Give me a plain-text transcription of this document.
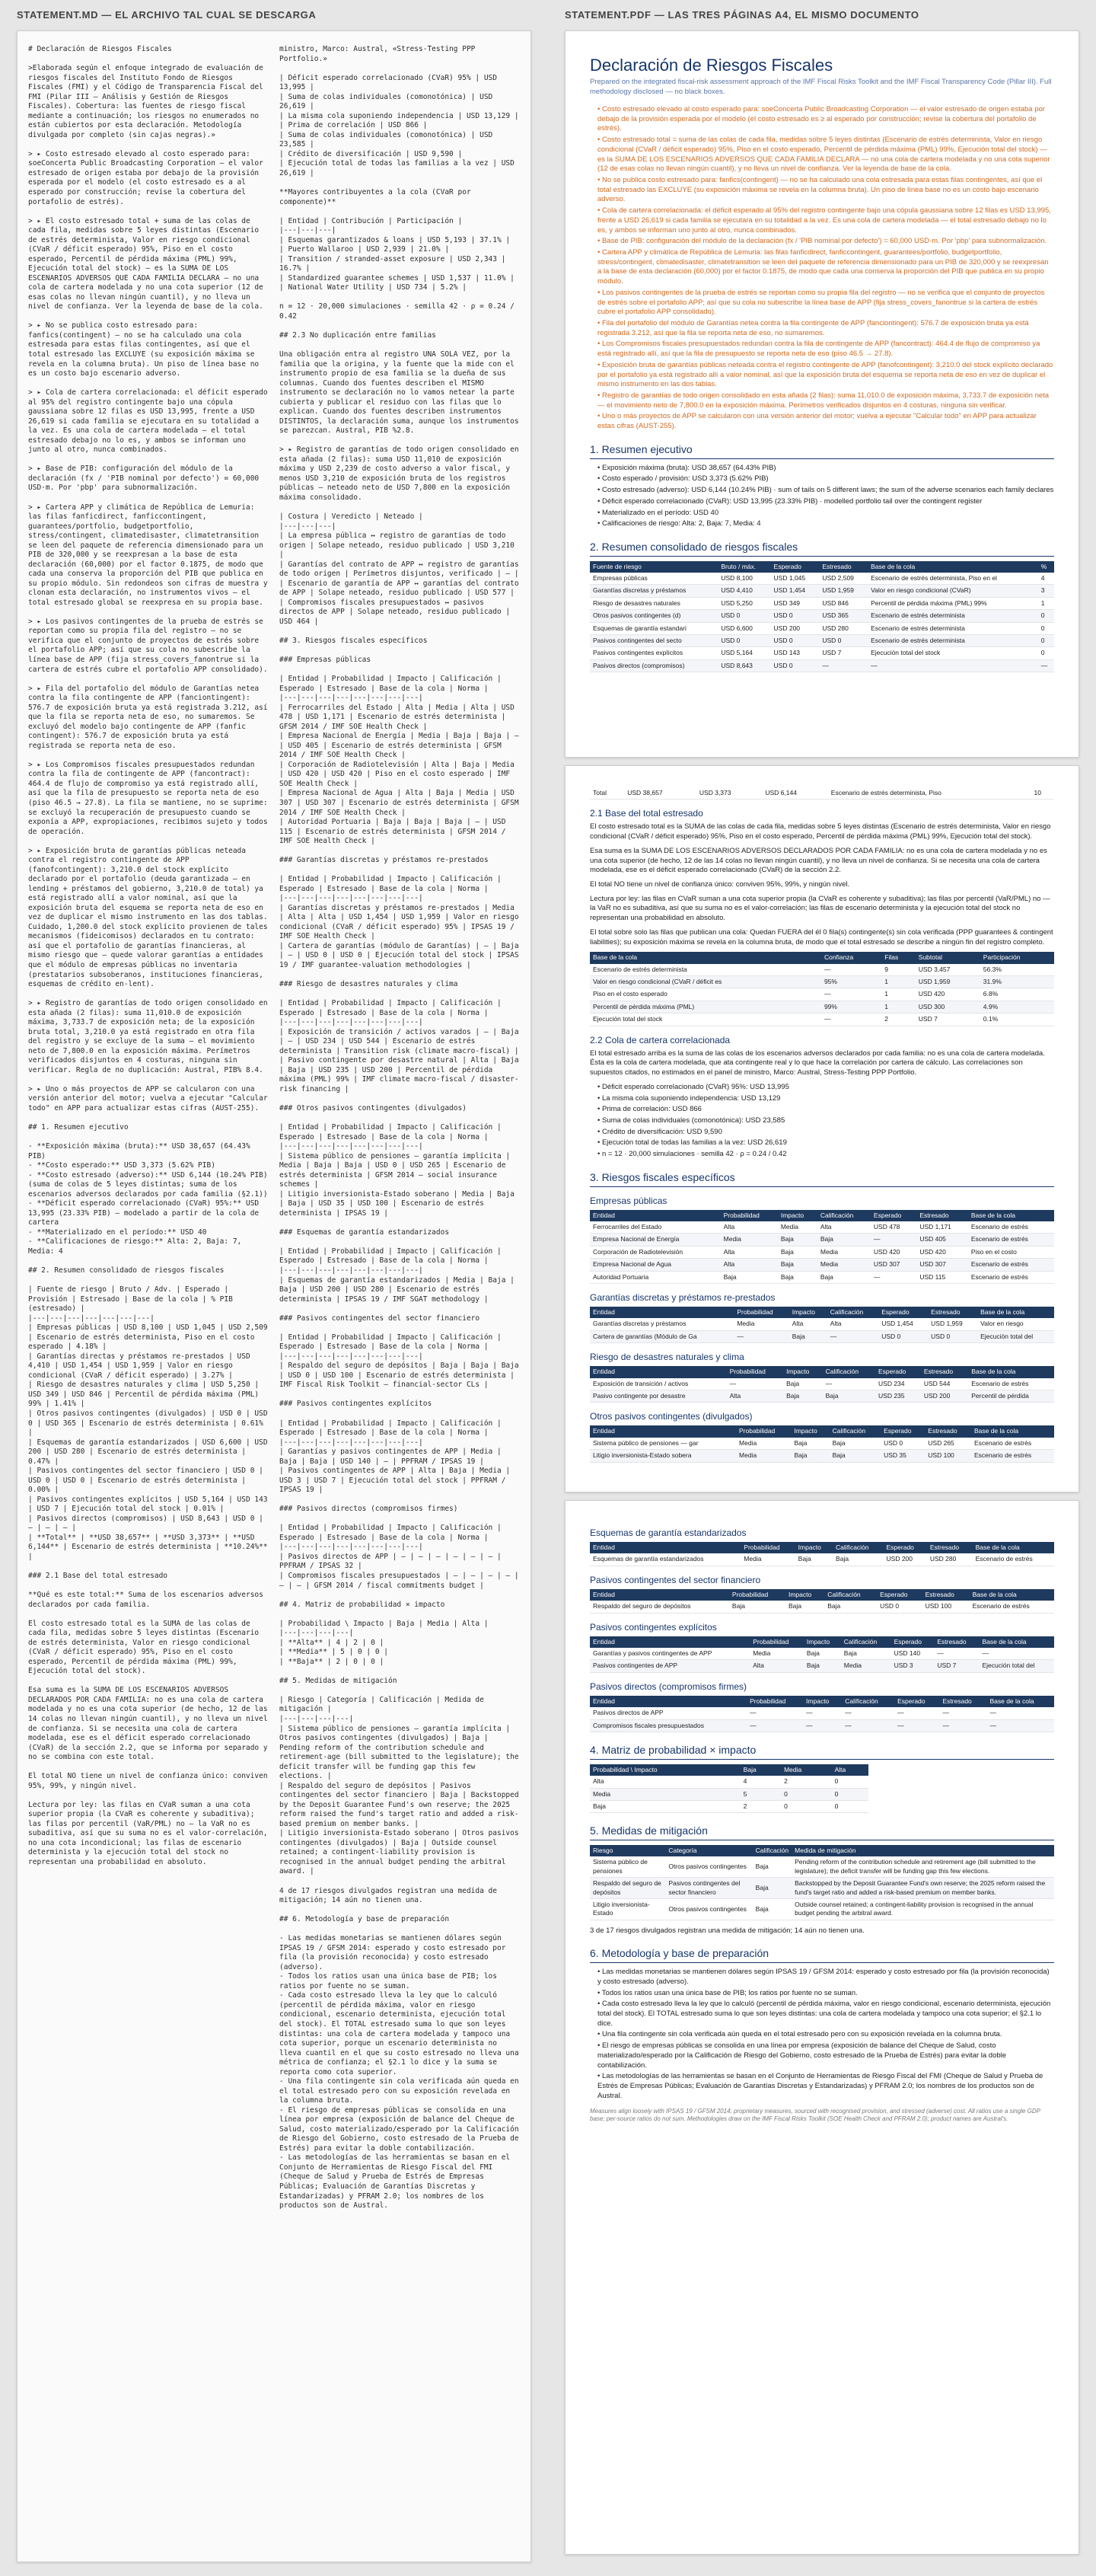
STATEMENT.MD — EL ARCHIVO TAL CUAL SE DESCARGA
# Declaración de Riesgos Fiscales

>Elaborada según el enfoque integrado de evaluación de riesgos fiscales del Instituto Fondo de Riesgos Fiscales (FMI) y el Código de Transparencia Fiscal del FMI (Pilar III — Análisis y Gestión de Riesgos Fiscales). Cobertura: las fuentes de riesgo fiscal mediante a continuación; los riesgos no enumerados no están cubiertos por esta declaración. Metodología divulgada por completo (sin cajas negras).»

> ▸ Costo estresado elevado al costo esperado para: soeConcerta Public Broadcasting Corporation — el valor estresado de origen estaba por debajo de la provisión esperada por el modelo (el costo estresado es a al esperado por construcción; revise la cobertura del portafolio de estrés).

> ▸ El costo estresado total + suma de las colas de cada fila, medidas sobre 5 leyes distintas (Escenario de estrés determinista, Valor en riesgo condicional (CVaR / déficit esperado) 95%, Piso en el costo esperado, Percentil de pérdida máxima (PML) 99%, Ejecución total del stock) — es la SUMA DE LOS ESCENARIOS ADVERSOS QUE CADA FAMILIA DECLARA — no una cola de cartera modelada y no una cota superior (12 de esas colas no llevan ningún cuantil), y no lleva un nivel de confianza. Ver la leyenda de base de la cola.

> ▸ No se publica costo estresado para: fanfics(contingent) — no se ha calculado una cola estresada para estas filas contingentes, así que el total estresado las EXCLUYE (su exposición máxima se revela en la columna bruta). Un piso de línea base no es un costo bajo escenario adverso.

> ▸ Cola de cartera correlacionada: el déficit esperado al 95% del registro contingente bajo una cópula gaussiana sobre 12 filas es USD 13,995, frente a USD 26,619 si cada familia se ejecutara en su totalidad a la vez. Es una cola de cartera modelada — el total estresado debajo no lo es, y ambos se informan uno junto al otro, nunca combinados.

> ▸ Base de PIB: configuración del módulo de la declaración (fx / 'PIB nominal por defecto') = 60,000 USD·m. Por 'pbp' para subnormalización.

> ▸ Cartera APP y climática de República de Lemuria: las filas fanficdirect, fanficcontingent, guarantees/portfolio, budgetportfolio, stress/contingent, climatedisaster, climatetransition se leen del paquete de referencia dimensionado para un PIB de 320,000 y se reexpresan a la base de esta declaración (60,000) por el factor 0.1875, de modo que cada una conserva la proporción del PIB que publica en su propio módulo. Sin redondeos son cifras de muestra y clonan esta declaración, no instrumentos vivos — el total estresado global se reexpresa en su propia base.

> ▸ Los pasivos contingentes de la prueba de estrés se reportan como su propia fila del registro — no se verifica que el conjunto de proyectos de estrés sobre el portafolio APP; así que su cola no subescribe la línea base de APP (fija stress_covers_fanontrue si la cartera de estrés cubre el portafolio APP consolidado).

> ▸ Fila del portafolio del módulo de Garantías netea contra la fila contingente de APP (fanciontingent): 576.7 de exposición bruta ya está registrada 3.212, así que la fila se reporta neta de eso, no sumaremos. Se excluyó del modelo bajo contingente de APP (fanfic contingent): 576.7 de exposición bruta ya está registrada se reporta neta de eso.

> ▸ Los Compromisos fiscales presupuestados redundan contra la fila de contingente de APP (fancontract): 464.4 de flujo de compromiso ya está registrado allí, así que la fila de presupuesto se reporta neta de eso (piso 46.5 → 27.8). La fila se mantiene, no se suprime: se excluyó la recuperación de presupuesto cuando se exponía a APP, expropiaciones, recibimos sujeto y todos de operación.

> ▸ Exposición bruta de garantías públicas neteada contra el registro contingente de APP (fanofcontingent): 3,210.0 del stock explícito declarado por el portafolio (deuda garantizada — en lending + préstamos del gobierno, 3,210.0 de total) ya está registrado allí a valor nominal, así que la exposición bruta del esquema se reporta neta de eso en vez de duplicar el mismo instrumento en las dos tablas. Cuidado, 1,200.0 del stock explícito provienen de tales mecanismos (fideicomisos) declarados en tu contrato: así que el portafolio de garantías financieras, al mismo riesgo que — quede valorar garantías a entidades que el módulo de empresas públicas no inventaria (prestatarios subsoberanos, instituciones financieras, esquemas de crédito en-lent).

> ▸ Registro de garantías de todo origen consolidado en esta añada (2 filas): suma 11,010.0 de exposición máxima, 3,733.7 de exposición neta; de la exposición bruta total, 3,210.0 ya está registrado en otra fila del registro y se excluye de la suma — el movimiento neto de 7,800.0 en la exposición máxima. Perímetros verificados disjuntos en 4 costuras, ninguna sin verificar. Regla de no duplicación: Austral, PIB% 8.4.

> ▸ Uno o más proyectos de APP se calcularon con una versión anterior del motor; vuelva a ejecutar "Calcular todo" en APP para actualizar estas cifras (AUST-255).

## 1. Resumen ejecutivo

- **Exposición máxima (bruta):** USD 38,657 (64.43% PIB)
- **Costo esperado:** USD 3,373 (5.62% PIB)
- **Costo estresado (adverso):** USD 6,144 (10.24% PIB) (suma de colas de 5 leyes distintas; suma de los escenarios adversos declarados por cada familia (§2.1))
- **Déficit esperado correlacionado (CVaR) 95%:** USD 13,995 (23.33% PIB) — modelado a partir de la cola de cartera
- **Materializado en el período:** USD 40
- **Calificaciones de riesgo:** Alta: 2, Baja: 7, Media: 4

## 2. Resumen consolidado de riesgos fiscales

| Fuente de riesgo | Bruto / Adv. | Esperado | Provisión | Estresado | Base de la cola | % PIB (estresado) |
|---|---|---|---|---|---|---|
| Empresas públicas | USD 8,100 | USD 1,045 | USD 2,509 | Escenario de estrés determinista, Piso en el costo esperado | 4.18% |
| Garantías directas y préstamos re-prestados | USD 4,410 | USD 1,454 | USD 1,959 | Valor en riesgo condicional (CVaR / déficit esperado) | 3.27% |
| Riesgo de desastres naturales y clima | USD 5,250 | USD 349 | USD 846 | Percentil de pérdida máxima (PML) 99% | 1.41% |
| Otros pasivos contingentes (divulgados) | USD 0 | USD 0 | USD 365 | Escenario de estrés determinista | 0.61% |
| Esquemas de garantía estandarizados | USD 6,600 | USD 200 | USD 280 | Escenario de estrés determinista | 0.47% |
| Pasivos contingentes del sector financiero | USD 0 | USD 0 | USD 0 | Escenario de estrés determinista | 0.00% |
| Pasivos contingentes explícitos | USD 5,164 | USD 143 | USD 7 | Ejecución total del stock | 0.01% |
| Pasivos directos (compromisos) | USD 8,643 | USD 0 | — | — | — |
| **Total** | **USD 38,657** | **USD 3,373** | **USD 6,144** | Escenario de estrés determinista | **10.24%** |

### 2.1 Base del total estresado

**Qué es este total:** Suma de los escenarios adversos declarados por cada familia.

El costo estresado total es la SUMA de las colas de cada fila, medidas sobre 5 leyes distintas (Escenario de estrés determinista, Valor en riesgo condicional (CVaR / déficit esperado) 95%, Piso en el costo esperado, Percentil de pérdida máxima (PML) 99%, Ejecución total del stock).

Esa suma es la SUMA DE LOS ESCENARIOS ADVERSOS DECLARADOS POR CADA FAMILIA: no es una cola de cartera modelada y no es una cota superior (de hecho, 12 de las 14 colas no llevan ningún cuantil), y no lleva un nivel de confianza. Si se necesita una cola de cartera modelada, ese es el déficit esperado correlacionado (CVaR) de la sección 2.2, que se informa por separado y no se combina con este total.

El total NO tiene un nivel de confianza único: conviven 95%, 99%, y ningún nivel.

Lectura por ley: las filas en CVaR suman a una cota superior propia (la CVaR es coherente y subaditiva); las filas por percentil (VaR/PML) no — la VaR no es subaditiva, así que su suma no es el valor-correlación, no una cota incondicional; las filas de escenario determinista y la ejecución total del stock no representan una probabilidad en absoluto.
ministro, Marco: Austral, «Stress-Testing PPP Portfolio.»

| Déficit esperado correlacionado (CVaR) 95% | USD 13,995 |
| Suma de colas individuales (comonotónica) | USD 26,619 |
| La misma cola suponiendo independencia | USD 13,129 |
| Prima de correlación | USD 866 |
| Suma de colas individuales (comonotónica) | USD 23,585 |
| Crédito de diversificación | USD 9,590 |
| Ejecución total de todas las familias a la vez | USD 26,619 |

**Mayores contribuyentes a la cola (CVaR por componente)**

| Entidad | Contribución | Participación |
|---|---|---|
| Esquemas garantizados & loans | USD 5,193 | 37.1% |
| Puerto Wallaroo | USD 2,939 | 21.0% |
| Transition / stranded-asset exposure | USD 2,343 | 16.7% |
| Standardized guarantee schemes | USD 1,537 | 11.0% |
| National Water Utility | USD 734 | 5.2% |

n = 12 · 20,000 simulaciones · semilla 42 · ρ = 0.24 / 0.42

## 2.3 No duplicación entre familias

Una obligación entra al registro UNA SOLA VEZ, por la familia que la origina, y la fuente que la mide con el instrumento propio de esa familia se la dueña de sus columnas. Cuando dos fuentes describen el MISMO instrumento se declaración no lo vamos netear la parte cubierta y publicar el residuo con las filas que lo explican. Cuando dos fuentes describen instrumentos DISTINTOS, la declaración suma, aunque los instrumentos se parezcan. Austral, PIB %2.8.

> ▸ Registro de garantías de todo origen consolidado en esta añada (2 filas): suma USD 11,010 de exposición máxima y USD 2,239 de costo adverso a valor fiscal, y menos USD 3,210 de exposición bruta de los registros públicas — neteado neto de USD 7,800 en la exposición máxima consolidado.

| Costura | Veredicto | Neteado |
|---|---|---|
| La empresa pública ↔ registro de garantías de todo origen | Solape neteado, residuo publicado | USD 3,210 |
| Garantías del contrato de APP ↔ registro de garantías de todo origen | Perímetros disjuntos, verificado | — |
| Escenario de garantía de APP ↔ garantías del contrato de APP | Solape neteado, residuo publicado | USD 577 |
| Compromisos fiscales presupuestados ↔ pasivos directos de APP | Solape neteado, residuo publicado | USD 464 |

## 3. Riesgos fiscales específicos

### Empresas públicas

| Entidad | Probabilidad | Impacto | Calificación | Esperado | Estresado | Base de la cola | Norma |
|---|---|---|---|---|---|---|---|
| Ferrocarriles del Estado | Alta | Media | Alta | USD 478 | USD 1,171 | Escenario de estrés determinista | GFSM 2014 / IMF SOE Health Check |
| Empresa Nacional de Energía | Media | Baja | Baja | — | USD 405 | Escenario de estrés determinista | GFSM 2014 / IMF SOE Health Check |
| Corporación de Radiotelevisión | Alta | Baja | Media | USD 420 | USD 420 | Piso en el costo esperado | IMF SOE Health Check |
| Empresa Nacional de Agua | Alta | Baja | Media | USD 307 | USD 307 | Escenario de estrés determinista | GFSM 2014 / IMF SOE Health Check |
| Autoridad Portuaria | Baja | Baja | Baja | — | USD 115 | Escenario de estrés determinista | GFSM 2014 / IMF SOE Health Check |

### Garantías discretas y préstamos re-prestados

| Entidad | Probabilidad | Impacto | Calificación | Esperado | Estresado | Base de la cola | Norma |
|---|---|---|---|---|---|---|---|
| Garantías discretas y préstamos re-prestados | Media | Alta | Alta | USD 1,454 | USD 1,959 | Valor en riesgo condicional (CVaR / déficit esperado) 95% | IPSAS 19 / IMF SOE Health Check |
| Cartera de garantías (módulo de Garantías) | — | Baja | — | USD 0 | USD 0 | Ejecución total del stock | IPSAS 19 / IMF guarantee-valuation methodologies |

### Riesgo de desastres naturales y clima

| Entidad | Probabilidad | Impacto | Calificación | Esperado | Estresado | Base de la cola | Norma |
|---|---|---|---|---|---|---|---|
| Exposición de transición / activos varados | — | Baja | — | USD 234 | USD 544 | Escenario de estrés determinista | Transition risk (climate macro-fiscal) |
| Pasivo contingente por desastre natural | Alta | Baja | Baja | USD 235 | USD 200 | Percentil de pérdida máxima (PML) 99% | IMF climate macro-fiscal / disaster-risk financing |

### Otros pasivos contingentes (divulgados)

| Entidad | Probabilidad | Impacto | Calificación | Esperado | Estresado | Base de la cola | Norma |
|---|---|---|---|---|---|---|---|
| Sistema público de pensiones — garantía implícita | Media | Baja | Baja | USD 0 | USD 265 | Escenario de estrés determinista | GFSM 2014 — social insurance schemes |
| Litigio inversionista-Estado soberano | Media | Baja | Baja | USD 35 | USD 100 | Escenario de estrés determinista | IPSAS 19 |

### Esquemas de garantía estandarizados

| Entidad | Probabilidad | Impacto | Calificación | Esperado | Estresado | Base de la cola | Norma |
|---|---|---|---|---|---|---|---|
| Esquemas de garantía estandarizados | Media | Baja | Baja | USD 200 | USD 280 | Escenario de estrés determinista | IPSAS 19 / IMF SGAT methodology |

### Pasivos contingentes del sector financiero

| Entidad | Probabilidad | Impacto | Calificación | Esperado | Estresado | Base de la cola | Norma |
|---|---|---|---|---|---|---|---|
| Respaldo del seguro de depósitos | Baja | Baja | Baja | USD 0 | USD 100 | Escenario de estrés determinista | IMF Fiscal Risk Toolkit — financial-sector CLs |

### Pasivos contingentes explícitos

| Entidad | Probabilidad | Impacto | Calificación | Esperado | Estresado | Base de la cola | Norma |
|---|---|---|---|---|---|---|---|
| Garantías y pasivos contingentes de APP | Media | Baja | Baja | USD 140 | — | PPFRAM / IPSAS 19 |
| Pasivos contingentes de APP | Alta | Baja | Media | USD 3 | USD 7 | Ejecución total del stock | PPFRAM / IPSAS 19 |

### Pasivos directos (compromisos firmes)

| Entidad | Probabilidad | Impacto | Calificación | Esperado | Estresado | Base de la cola | Norma |
|---|---|---|---|---|---|---|---|
| Pasivos directos de APP | — | — | — | — | — | — | PPFRAM / IPSAS 32 |
| Compromisos fiscales presupuestados | — | — | — | — | — | — | GFSM 2014 / fiscal commitments budget |

## 4. Matriz de probabilidad × impacto

| Probabilidad \ Impacto | Baja | Media | Alta |
|---|---|---|---|
| **Alta** | 4 | 2 | 0 |
| **Media** | 5 | 0 | 0 |
| **Baja** | 2 | 0 | 0 |

## 5. Medidas de mitigación

| Riesgo | Categoría | Calificación | Medida de mitigación |
|---|---|---|---|
| Sistema público de pensiones — garantía implícita | Otros pasivos contingentes (divulgados) | Baja | Pending reform of the contribution schedule and retirement-age (bill submitted to the legislature); the deficit transfer will be funding gap this few elections. |
| Respaldo del seguro de depósitos | Pasivos contingentes del sector financiero | Baja | Backstopped by the Deposit Guarantee Fund's own reserve; the 2025 reform raised the fund's target ratio and added a risk-based premium on member banks. |
| Litigio inversionista-Estado soberano | Otros pasivos contingentes (divulgados) | Baja | Outside counsel retained; a contingent-liability provision is recognised in the annual budget pending the arbitral award. |

4 de 17 riesgos divulgados registran una medida de mitigación; 14 aún no tienen una.

## 6. Metodología y base de preparación

- Las medidas monetarias se mantienen dólares según IPSAS 19 / GFSM 2014: esperado y costo estresado por fila (la provisión reconocida) y costo estresado (adverso).
- Todos los ratios usan una única base de PIB; los ratios por fuente no se suman.
- Cada costo estresado lleva la ley que lo calculó (percentil de pérdida máxima, valor en riesgo condicional, escenario determinista, ejecución total del stock). El TOTAL estresado suma lo que son leyes distintas: una cola de cartera modelada y tampoco una cota superior, porque un escenario determinista no lleva cuantil en el que su costo estresado no lleva una métrica de confianza; el §2.1 lo dice y la suma se reporta como cota superior.
- Una fila contingente sin cola verificada aún queda en el total estresado pero con su exposición revelada en la columna bruta.
- El riesgo de empresas públicas se consolida en una línea por empresa (exposición de balance del Cheque de Salud, costo materializado/esperado por la Calificación de Riesgo del Gobierno, costo estresado de la Prueba de Estrés) para evitar la doble contabilización.
- Las metodologías de las herramientas se basan en el Conjunto de Herramientas de Riesgo Fiscal del FMI (Cheque de Salud y Prueba de Estrés de Empresas Públicas; Evaluación de Garantías Discretas y Estandarizadas) y PFRAM 2.0; los nombres de los productos son de Austral.
STATEMENT.PDF — LAS TRES PÁGINAS A4, EL MISMO DOCUMENTO
Declaración de Riesgos Fiscales
Prepared on the integrated fiscal-risk assessment approach of the IMF Fiscal Risks Toolkit and the IMF Fiscal Transparency Code (Pillar III). Full methodology disclosed — no black boxes.
• Costo estresado elevado al costo esperado para: soeConcerta Public Broadcasting Corporation — el valor estresado de origen estaba por debajo de la provisión esperada por el modelo (el costo estresado es ≥ al esperado por construcción; revise la cobertura del portafolio de estrés).
• Costo estresado total = suma de las colas de cada fila, medidas sobre 5 leyes distintas (Escenario de estrés determinista, Valor en riesgo condicional (CVaR / déficit esperado) 95%, Piso en el costo esperado, Percentil de pérdida máxima (PML) 99%, Ejecución total del stock) — es la SUMA DE LOS ESCENARIOS ADVERSOS QUE CADA FAMILIA DECLARA — no una cola de cartera modelada y no una cota superior (12 de esas colas no llevan ningún cuantil), y no lleva un nivel de confianza. Ver la leyenda de base de la cola.
• No se publica costo estresado para: fanfics(contingent) — no se ha calculado una cola estresada para estas filas contingentes, así que el total estresado las EXCLUYE (su exposición máxima se revela en la columna bruta). Un piso de línea base no es un costo bajo escenario adverso.
• Cola de cartera correlacionada: el déficit esperado al 95% del registro contingente bajo una cópula gaussiana sobre 12 filas es USD 13,995, frente a USD 26,619 si cada familia se ejecutara en su totalidad a la vez. Es una cola de cartera modelada — el total estresado debajo no lo es, y ambos se informan uno junto al otro, nunca combinados.
• Base de PIB: configuración del módulo de la declaración (fx / 'PIB nominal por defecto') = 60,000 USD·m. Por 'pbp' para subnormalización.
• Cartera APP y climática de República de Lemuria: las filas fanficdirect, fanficcontingent, guarantees/portfolio, budgetportfolio, stress/contingent, climatedisaster, climatetransition se leen del paquete de referencia dimensionado para un PIB de 320,000 y se reexpresan a la base de esta declaración (60,000) por el factor 0.1875, de modo que cada una conserva la proporción del PIB que publica en su propio módulo.
• Los pasivos contingentes de la prueba de estrés se reportan como su propia fila del registro — no se verifica que el conjunto de proyectos de estrés sobre el portafolio APP; así que su cola no subescribe la línea base de APP (fija stress_covers_fanontrue si la cartera de estrés cubre el portafolio APP consolidado).
• Fila del portafolio del módulo de Garantías netea contra la fila contingente de APP (fanciontingent): 576.7 de exposición bruta ya está registrada 3.212, así que la fila se reporta neta de eso, no sumaremos.
• Los Compromisos fiscales presupuestados redundan contra la fila de contingente de APP (fancontract): 464.4 de flujo de compromiso ya está registrado allí, así que la fila de presupuesto se reporta neta de eso (piso 46.5 → 27.8).
• Exposición bruta de garantías públicas neteada contra el registro contingente de APP (fanofcontingent): 3,210.0 del stock explícito declarado por el portafolio ya está registrado allí a valor nominal, así que la exposición bruta del esquema se reporta neta de eso en vez de duplicar el mismo instrumento en las dos tablas.
• Registro de garantías de todo origen consolidado en esta añada (2 filas): suma 11,010.0 de exposición máxima, 3,733.7 de exposición neta — el movimiento neto de 7,800.0 en la exposición máxima. Perímetros verificados disjuntos en 4 costuras, ninguna sin verificar.
• Uno o más proyectos de APP se calcularon con una versión anterior del motor; vuelva a ejecutar "Calcular todo" en APP para actualizar estas cifras (AUST-255).
1. Resumen ejecutivo
• Exposición máxima (bruta): USD 38,657 (64.43% PIB)
• Costo esperado / provisión: USD 3,373 (5.62% PIB)
• Costo estresado (adverso): USD 6,144 (10.24% PIB) · sum of tails on 5 different laws; the sum of the adverse scenarios each family declares
• Déficit esperado correlacionado (CVaR): USD 13,995 (23.33% PIB) · modelled portfolio tail over the contingent register
• Materializado en el período: USD 40
• Calificaciones de riesgo: Alta: 2, Baja: 7, Media: 4
2. Resumen consolidado de riesgos fiscales
Fuente de riesgo	Bruto / máx.	Esperado	Estresado	Base de la cola	%
Empresas públicas	USD 8,100	USD 1,045	USD 2,509	Escenario de estrés determinista, Piso en el	4
Garantías discretas y préstamos	USD 4,410	USD 1,454	USD 1,959	Valor en riesgo condicional (CVaR)	3
Riesgo de desastres naturales	USD 5,250	USD 349	USD 846	Percentil de pérdida máxima (PML) 99%	1
Otros pasivos contingentes (d)	USD 0	USD 0	USD 365	Escenario de estrés determinista	0
Esquemas de garantía estandari	USD 6,600	USD 200	USD 280	Escenario de estrés determinista	0
Pasivos contingentes del secto	USD 0	USD 0	USD 0	Escenario de estrés determinista	0
Pasivos contingentes explícitos	USD 5,164	USD 143	USD 7	Ejecución total del stock	0
Pasivos directos (compromisos)	USD 8,643	USD 0	—	—	—
Total	USD 38,657	USD 3,373	USD 6,144	Escenario de estrés determinista, Piso	10
2.1 Base del total estresado

El costo estresado total es la SUMA de las colas de cada fila, medidas sobre 5 leyes distintas (Escenario de estrés determinista, Valor en riesgo condicional (CVaR / déficit esperado) 95%, Piso en el costo esperado, Percentil de pérdida máxima (PML) 99%, Ejecución total del stock).

Esa suma es la SUMA DE LOS ESCENARIOS ADVERSOS DECLARADOS POR CADA FAMILIA: no es una cola de cartera modelada y no es una cota superior (de hecho, 12 de las 14 colas no llevan ningún cuantil), y no lleva un nivel de confianza. Si se necesita una cola de cartera modelada, ese es el déficit esperado correlacionado (CVaR) de la sección 2.2.

El total NO tiene un nivel de confianza único: conviven 95%, 99%, y ningún nivel.

Lectura por ley: las filas en CVaR suman a una cota superior propia (la CVaR es coherente y subaditiva); las filas por percentil (VaR/PML) no — la VaR no es subaditiva, así que su suma no es el valor-correlación; las filas de escenario determinista y la ejecución total del stock no representan una probabilidad en absoluto.

El total sobre solo las filas que publican una cola: Quedan FUERA del él 0 fila(s) contingente(s) sin cola verificada (PPP guarantees & contingent liabilities); su exposición máxima se revela en la columna bruta, de modo que el total estresado se describe a ningún fin del registro completo.

Base de la cola	Confianza	Filas	Subtotal	Participación
Escenario de estrés determinista	—	9	USD 3,457	56.3%
Valor en riesgo condicional (CVaR / déficit es	95%	1	USD 1,959	31.9%
Piso en el costo esperado	—	1	USD 420	6.8%
Percentil de pérdida máxima (PML)	99%	1	USD 300	4.9%
Ejecución total del stock	—	2	USD 7	0.1%
2.2 Cola de cartera correlacionada

El total estresado arriba es la suma de las colas de los escenarios adversos declarados por cada familia: no es una cola de cartera modelada. Ésta es la cola de cartera modelada, que ata contingente real y lo que hace la correlación por cartera de cálculo. Las correlaciones son supuestos citados, no estimados en el panel de ministro, Marco: Austral, Stress-Testing PPP Portfolio.

• Déficit esperado correlacionado (CVaR) 95%: USD 13,995
• La misma cola suponiendo independencia: USD 13,129
• Prima de correlación: USD 866
• Suma de colas individuales (comonotónica): USD 23,585
• Crédito de diversificación: USD 9,590
• Ejecución total de todas las familias a la vez: USD 26,619
• n = 12 · 20,000 simulaciones · semilla 42 · ρ = 0.24 / 0.42
3. Riesgos fiscales específicos
Empresas públicas
Entidad	Probabilidad	Impacto	Calificación	Esperado	Estresado	Base de la cola
Ferrocarriles del Estado	Alta	Media	Alta	USD 478	USD 1,171	Escenario de estrés
Empresa Nacional de Energía	Media	Baja	Baja	—	USD 405	Escenario de estrés
Corporación de Radiotelevisión	Alta	Baja	Media	USD 420	USD 420	Piso en el costo
Empresa Nacional de Agua	Alta	Baja	Media	USD 307	USD 307	Escenario de estrés
Autoridad Portuaria	Baja	Baja	Baja	—	USD 115	Escenario de estrés
Garantías discretas y préstamos re-prestados
Entidad	Probabilidad	Impacto	Calificación	Esperado	Estresado	Base de la cola
Garantías discretas y préstamos	Media	Alta	Alta	USD 1,454	USD 1,959	Valor en riesgo
Cartera de garantías (Módulo de Ga	—	Baja	—	USD 0	USD 0	Ejecución total del
Riesgo de desastres naturales y clima
Entidad	Probabilidad	Impacto	Calificación	Esperado	Estresado	Base de la cola
Exposición de transición / activos	—	Baja	—	USD 234	USD 544	Escenario de estrés
Pasivo contingente por desastre	Alta	Baja	Baja	USD 235	USD 200	Percentil de pérdida
Otros pasivos contingentes (divulgados)
Entidad	Probabilidad	Impacto	Calificación	Esperado	Estresado	Base de la cola
Sistema público de pensiones — gar	Media	Baja	Baja	USD 0	USD 265	Escenario de estrés
Litigio inversionista-Estado sobera	Media	Baja	Baja	USD 35	USD 100	Escenario de estrés
Esquemas de garantía estandarizados
Entidad	Probabilidad	Impacto	Calificación	Esperado	Estresado	Base de la cola
Esquemas de garantía estandarizados	Media	Baja	Baja	USD 200	USD 280	Escenario de estrés
Pasivos contingentes del sector financiero
Entidad	Probabilidad	Impacto	Calificación	Esperado	Estresado	Base de la cola
Respaldo del seguro de depósitos	Baja	Baja	Baja	USD 0	USD 100	Escenario de estrés
Pasivos contingentes explícitos
Entidad	Probabilidad	Impacto	Calificación	Esperado	Estresado	Base de la cola
Garantías y pasivos contingentes de APP	Media	Baja	Baja	USD 140	—	—
Pasivos contingentes de APP	Alta	Baja	Media	USD 3	USD 7	Ejecución total del
Pasivos directos (compromisos firmes)
Entidad	Probabilidad	Impacto	Calificación	Esperado	Estresado	Base de la cola
Pasivos directos de APP	—	—	—	—	—	—
Compromisos fiscales presupuestados	—	—	—	—	—	—
4. Matriz de probabilidad × impacto
Probabilidad \ Impacto	Baja	Media	Alta
Alta	4	2	0
Media	5	0	0
Baja	2	0	0
5. Medidas de mitigación
Riesgo	Categoría	Calificación	Medida de mitigación
Sistema público de pensiones	Otros pasivos contingentes	Baja	Pending reform of the contribution schedule and retirement age (bill submitted to the legislature); the deficit transfer will be funding gap this few elections.
Respaldo del seguro de depósitos	Pasivos contingentes del sector financiero	Baja	Backstopped by the Deposit Guarantee Fund's own reserve; the 2025 reform raised the fund's target ratio and added a risk-based premium on member banks.
Litigio inversionista-Estado	Otros pasivos contingentes	Baja	Outside counsel retained; a contingent-liability provision is recognised in the annual budget pending the arbitral award.

3 de 17 riesgos divulgados registran una medida de mitigación; 14 aún no tienen una.

6. Metodología y base de preparación
• Las medidas monetarias se mantienen dólares según IPSAS 19 / GFSM 2014: esperado y costo estresado por fila (la provisión reconocida) y costo estresado (adverso).
• Todos los ratios usan una única base de PIB; los ratios por fuente no se suman.
• Cada costo estresado lleva la ley que lo calculó (percentil de pérdida máxima, valor en riesgo condicional, escenario determinista, ejecución total del stock). El TOTAL estresado suma lo que son leyes distintas: una cola de cartera modelada y tampoco una cota superior; el §2.1 lo dice.
• Una fila contingente sin cola verificada aún queda en el total estresado pero con su exposición revelada en la columna bruta.
• El riesgo de empresas públicas se consolida en una línea por empresa (exposición de balance del Cheque de Salud, costo materializado/esperado por la Calificación de Riesgo del Gobierno, costo estresado de la Prueba de Estrés) para evitar la doble contabilización.
• Las metodologías de las herramientas se basan en el Conjunto de Herramientas de Riesgo Fiscal del FMI (Cheque de Salud y Prueba de Estrés de Empresas Públicas; Evaluación de Garantías Discretas y Estandarizadas) y PFRAM 2.0; los nombres de los productos son de Austral.
Measures align loosely with IPSAS 19 / GFSM 2014; proprietary measures, sourced with recognised provision, and stressed (adverse) cost. All ratios use a single GDP base; per-source ratios do not sum. Methodologies draw on the IMF Fiscal Risks Toolkit (SOE Health Check and PFRAM 2.0); product names are Austral's.
